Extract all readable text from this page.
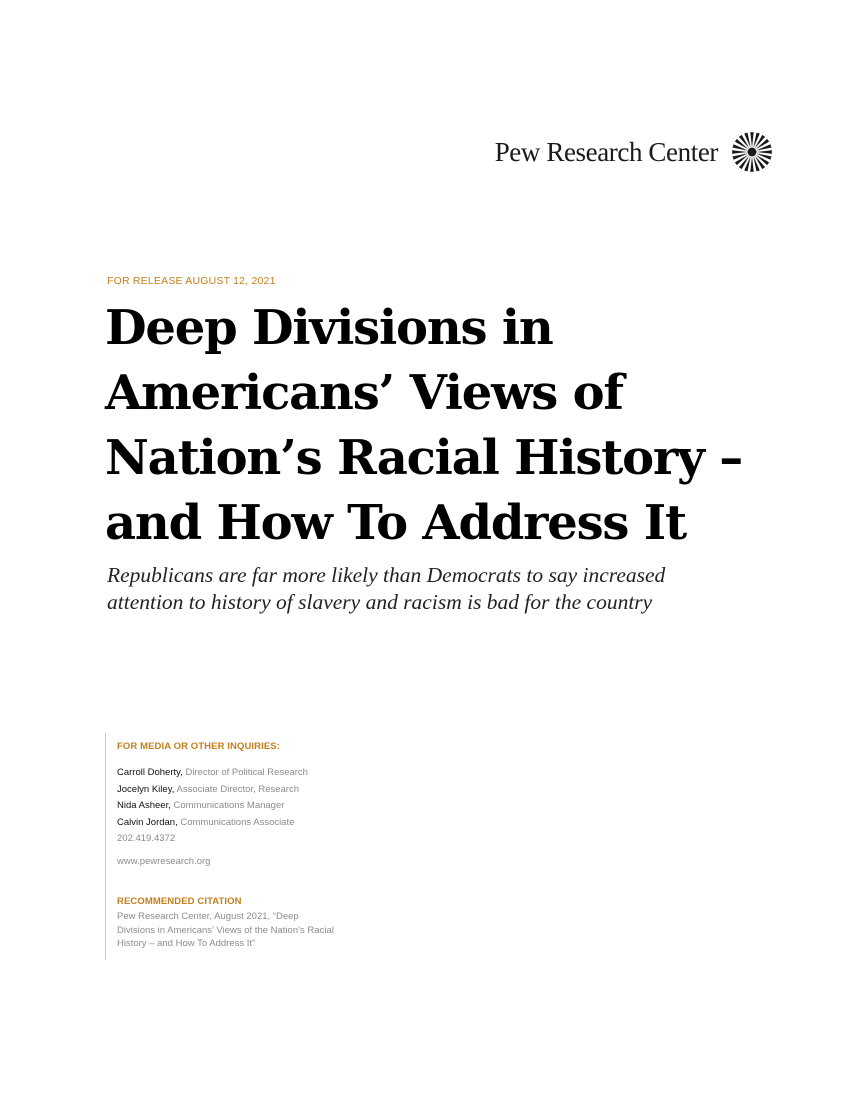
Pew Research Center
FOR RELEASE AUGUST 12, 2021
Deep Divisions in
Americans’ Views of
Nation’s Racial History –
and How To Address It

Republicans are far more likely than Democrats to say increased
attention to history of slavery and racism is bad for the country

FOR MEDIA OR OTHER INQUIRIES:
Carroll Doherty, Director of Political Research
Jocelyn Kiley, Associate Director, Research
Nida Asheer, Communications Manager
Calvin Jordan, Communications Associate
202.419.4372
www.pewresearch.org
RECOMMENDED CITATION
Pew Research Center, August 2021, “Deep
Divisions in Americans’ Views of the Nation’s Racial
History – and How To Address It”
